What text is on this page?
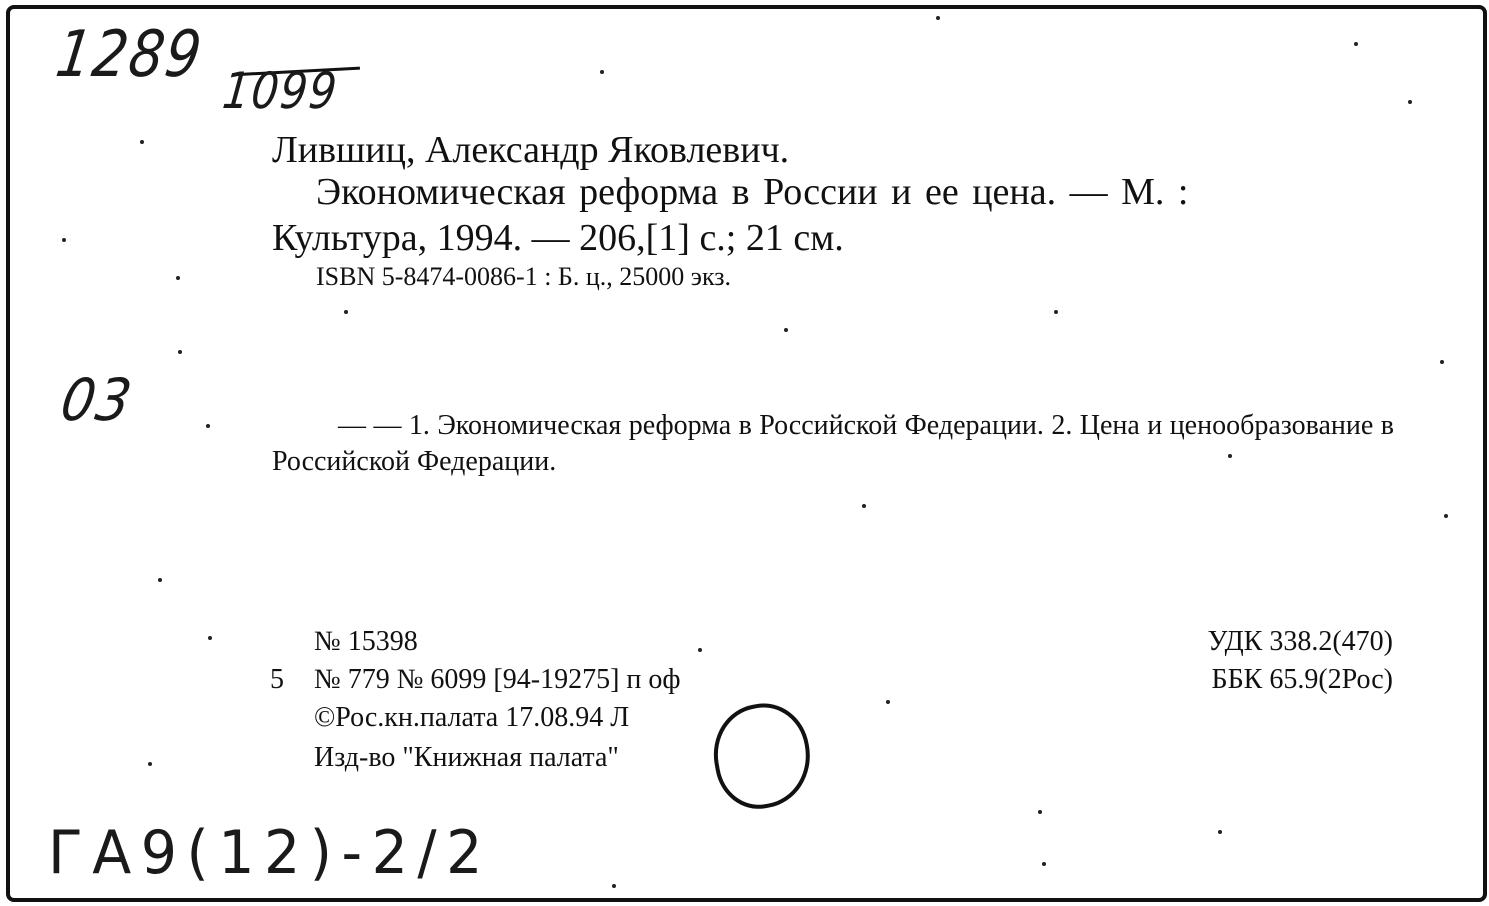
1289 1099
03
ГА9(12)-2/2
Лившиц, Александр Яковлевич.
Экономическая реформа в России и ее цена. — М. :
Культура, 1994. — 206,[1] с.; 21 см.
ISBN 5-8474-0086-1 : Б. ц., 25000 экз.
— — 1. Экономическая реформа в Российской Федерации. 2. Цена и ценообразование в Российской Федерации.
№ 15398
5 № 779 № 6099 [94-19275] п оф
©Рос.кн.палата 17.08.94 Л
Изд-во "Книжная палата"
УДК 338.2(470)
ББК 65.9(2Рос)
